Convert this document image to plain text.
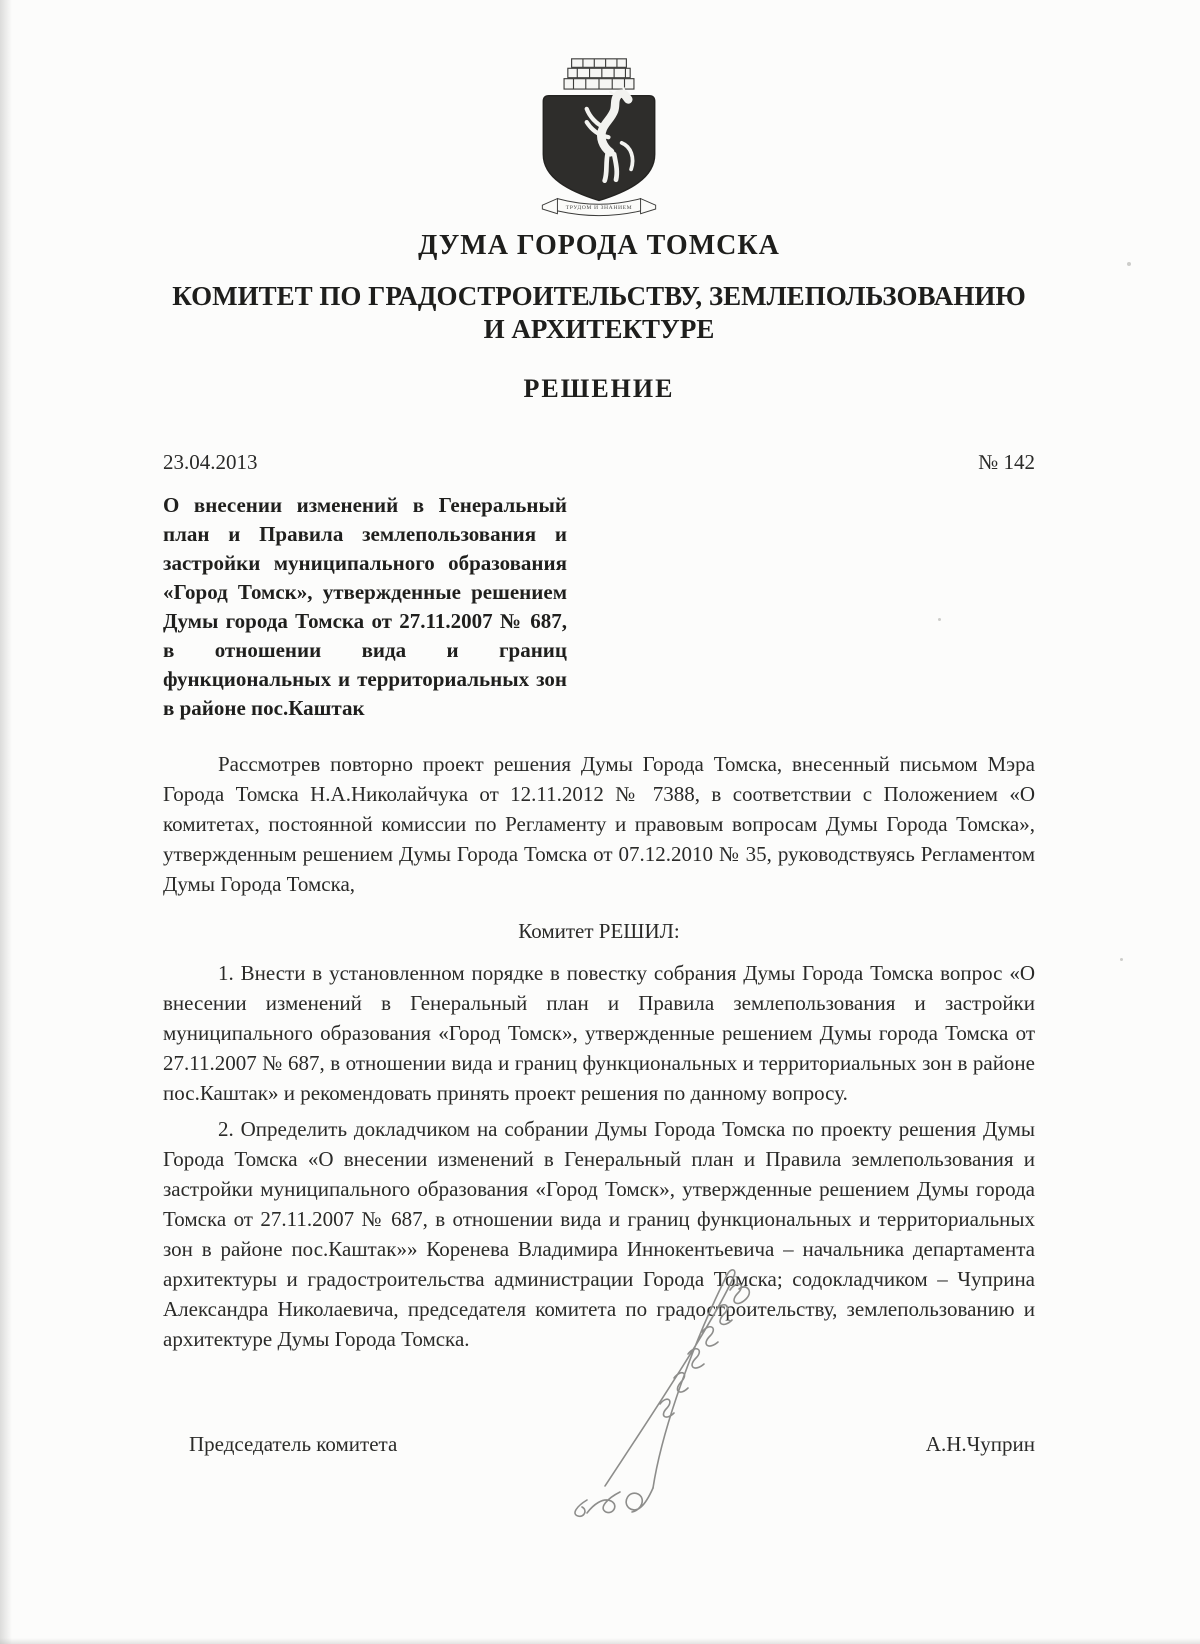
ТРУДОМ И ЗНАНИЕМ
ДУМА ГОРОДА ТОМСКА
КОМИТЕТ ПО ГРАДОСТРОИТЕЛЬСТВУ, ЗЕМЛЕПОЛЬЗОВАНИЮ
И АРХИТЕКТУРЕ
РЕШЕНИЕ
23.04.2013	№ 142
О внесении изменений в Генеральный план и Правила землепользования и застройки муниципального образования «Город Томск», утвержденные решением Думы города Томска от 27.11.2007 № 687, в отношении вида и границ функциональных и территориальных зон в районе пос.Каштак

Рассмотрев повторно проект решения Думы Города Томска, внесенный письмом Мэра Города Томска Н.А.Николайчука от 12.11.2012 № 7388, в соответствии с Положением «О комитетах, постоянной комиссии по Регламенту и правовым вопросам Думы Города Томска», утвержденным решением Думы Города Томска от 07.12.2010 № 35, руководствуясь Регламентом Думы Города Томска,

Комитет РЕШИЛ:

1. Внести в установленном порядке в повестку собрания Думы Города Томска вопрос «О внесении изменений в Генеральный план и Правила землепользования и застройки муниципального образования «Город Томск», утвержденные решением Думы города Томска от 27.11.2007 № 687, в отношении вида и границ функциональных и территориальных зон в районе пос.Каштак» и рекомендовать принять проект решения по данному вопросу.

2. Определить докладчиком на собрании Думы Города Томска по проекту решения Думы Города Томска «О внесении изменений в Генеральный план и Правила землепользования и застройки муниципального образования «Город Томск», утвержденные решением Думы города Томска от 27.11.2007 № 687, в отношении вида и границ функциональных и территориальных зон в районе пос.Каштак»» Коренева Владимира Иннокентьевича – начальника департамента архитектуры и градостроительства администрации Города Томска; содокладчиком – Чуприна Александра Николаевича, председателя комитета по градостроительству, землепользованию и архитектуре Думы Города Томска.

Председатель комитета	А.Н.Чуприн
